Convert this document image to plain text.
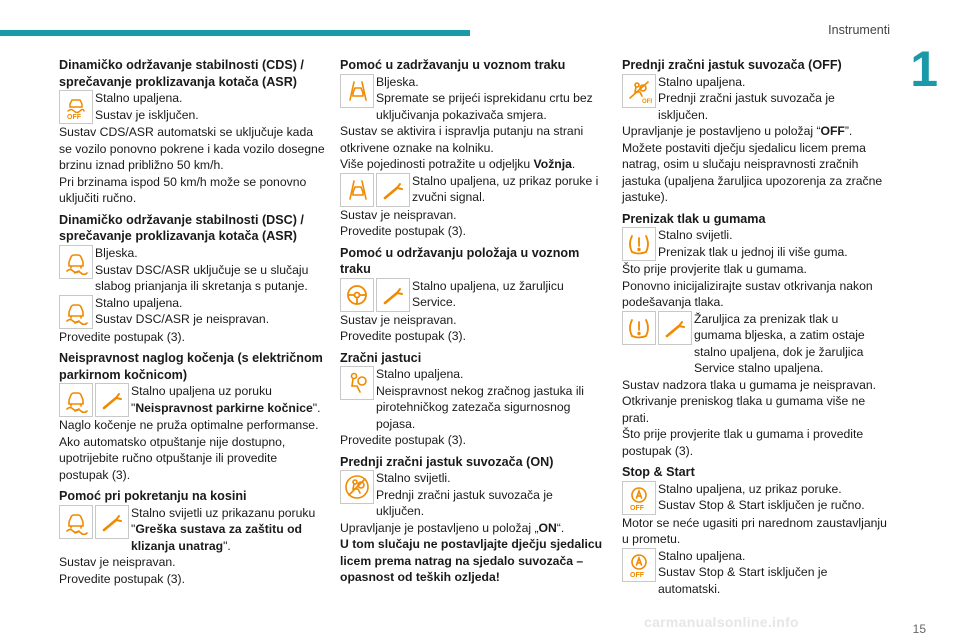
Instrumenti
1
Dinamičko održavanje stabilnosti (CDS) / sprečavanje proklizavanja kotača (ASR)

Stalno upaljena.

Sustav je isključen.

Sustav CDS/ASR automatski se uključuje kada se vozilo ponovno pokrene i kada vozilo dosegne brzinu iznad približno 50 km/h.

Pri brzinama ispod 50 km/h može se ponovno uključiti ručno.

Dinamičko održavanje stabilnosti (DSC) / sprečavanje proklizavanja kotača (ASR)

Bljeska.

Sustav DSC/ASR uključuje se u slučaju slabog prianjanja ili skretanja s putanje.

Stalno upaljena.

Sustav DSC/ASR je neispravan.

Provedite postupak (3).

Neispravnost naglog kočenja (s električnom parkirnom kočnicom)

Stalno upaljena uz poruku "Neispravnost parkirne kočnice".

Naglo kočenje ne pruža optimalne performanse.

Ako automatsko otpuštanje nije dostupno, upotrijebite ručno otpuštanje ili provedite postupak (3).

Pomoć pri pokretanju na kosini

Stalno svijetli uz prikazanu poruku "Greška sustava za zaštitu od klizanja unatrag".

Sustav je neispravan.

Provedite postupak (3).

Pomoć u zadržavanju u voznom traku

Bljeska.

Spremate se prijeći isprekidanu crtu bez uključivanja pokazivača smjera.

Sustav se aktivira i ispravlja putanju na strani otkrivene oznake na kolniku.

Više pojedinosti potražite u odjeljku Vožnja.

Stalno upaljena, uz prikaz poruke i zvučni signal.

Sustav je neispravan.

Provedite postupak (3).

Pomoć u održavanju položaja u voznom traku

Stalno upaljena, uz žaruljicu Service.

Sustav je neispravan.

Provedite postupak (3).

Zračni jastuci

Stalno upaljena.

Neispravnost nekog zračnog jastuka ili pirotehničkog zatezača sigurnosnog pojasa.

Provedite postupak (3).

Prednji zračni jastuk suvozača (ON)

Stalno svijetli.

Prednji zračni jastuk suvozača je uključen.

Upravljanje je postavljeno u položaj „ON“.

U tom slučaju ne postavljajte dječju sjedalicu licem prema natrag na sjedalo suvozača – opasnost od teških ozljeda!

Prednji zračni jastuk suvozača (OFF)

Stalno upaljena.

Prednji zračni jastuk suvozača je isključen.

Upravljanje je postavljeno u položaj “OFF”.

Možete postaviti dječju sjedalicu licem prema natrag, osim u slučaju neispravnosti zračnih jastuka (upaljena žaruljica upozorenja za zračne jastuke).

Prenizak tlak u gumama

Stalno svijetli.

Prenizak tlak u jednoj ili više guma.

Što prije provjerite tlak u gumama.

Ponovno inicijalizirajte sustav otkrivanja nakon podešavanja tlaka.

Žaruljica za prenizak tlak u gumama bljeska, a zatim ostaje stalno upaljena, dok je žaruljica Service stalno upaljena.

Sustav nadzora tlaka u gumama je neispravan.

Otkrivanje preniskog tlaka u gumama više ne prati.

Što prije provjerite tlak u gumama i provedite postupak (3).

Stop & Start

Stalno upaljena, uz prikaz poruke.

Sustav Stop & Start isključen je ručno.

Motor se neće ugasiti pri narednom zaustavljanju u prometu.

Stalno upaljena.

Sustav Stop & Start isključen je automatski.

carmanualsonline.info	15
